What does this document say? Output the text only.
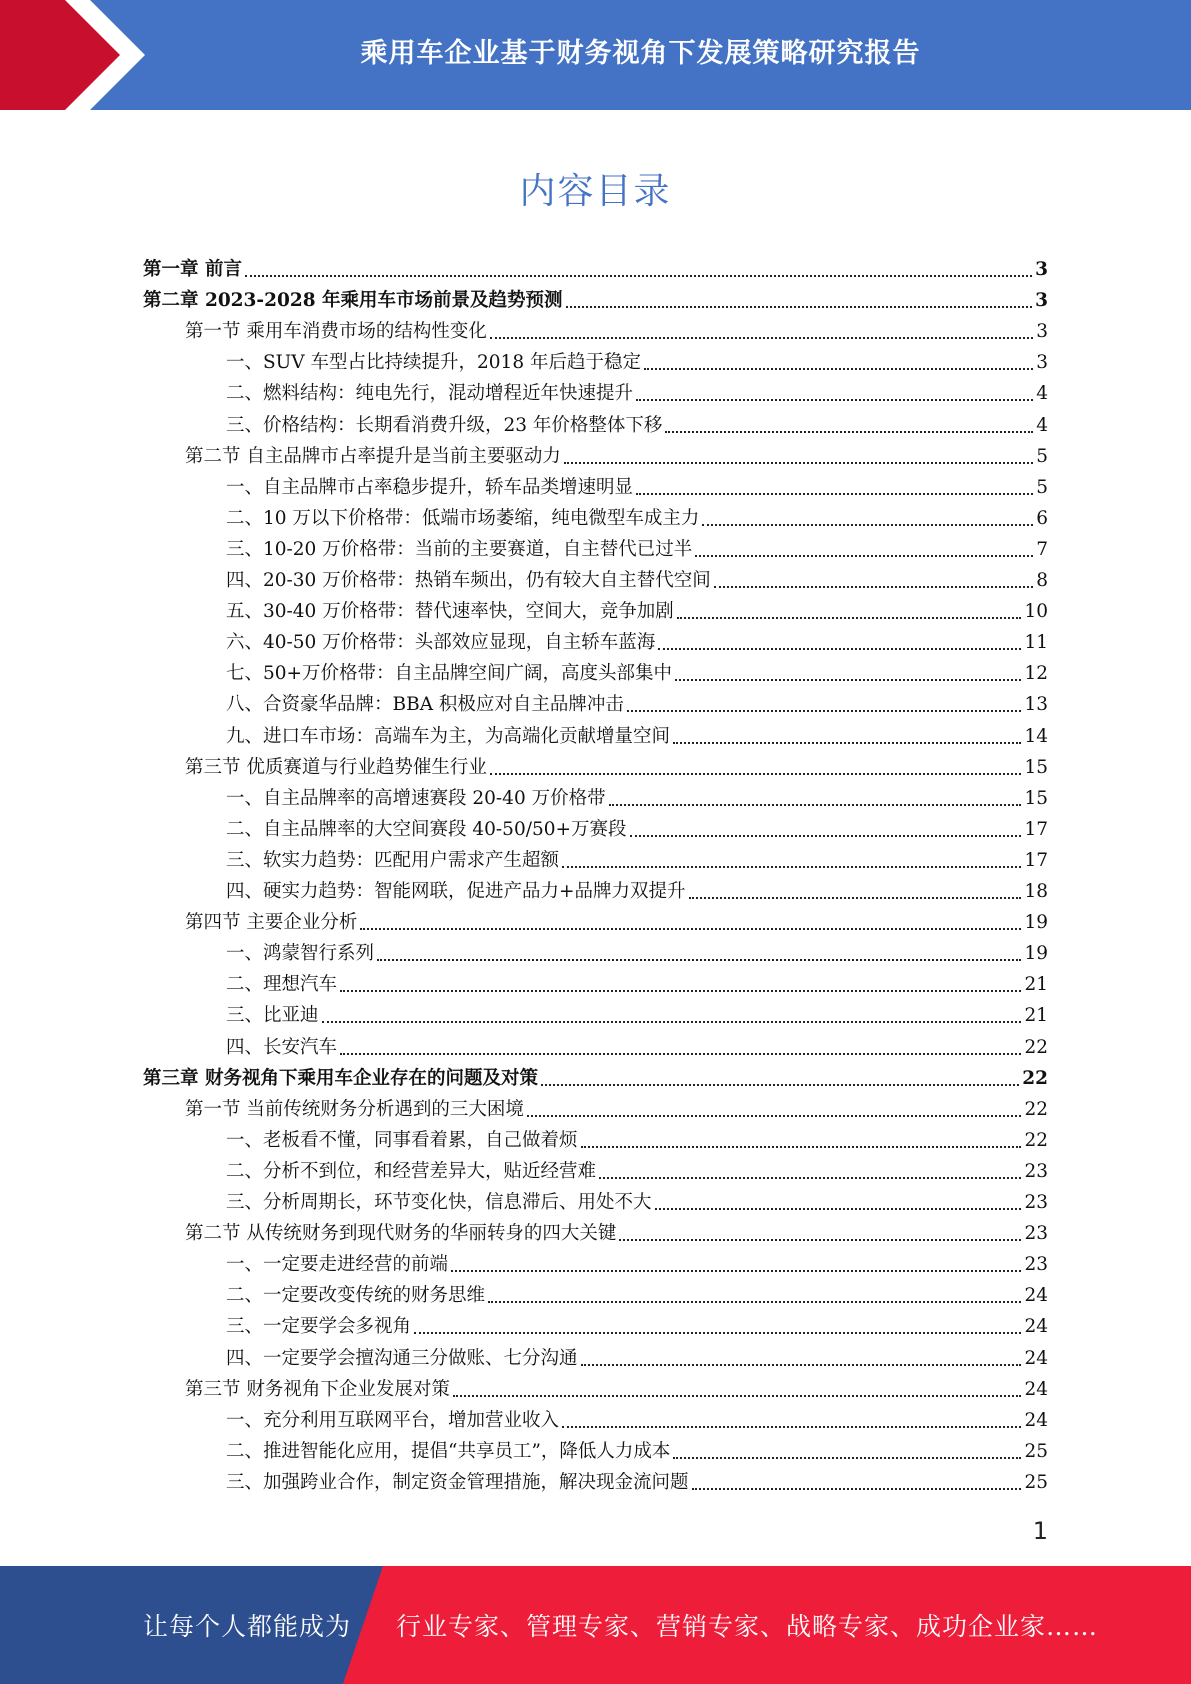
乘用车企业基于财务视角下发展策略研究报告
内容目录
第一章 前言	3
第二章 2023-2028 年乘用车市场前景及趋势预测	3
第一节 乘用车消费市场的结构性变化	3
一、SUV 车型占比持续提升，2018 年后趋于稳定	3
二、燃料结构：纯电先行，混动增程近年快速提升	4
三、价格结构：长期看消费升级，23 年价格整体下移	4
第二节 自主品牌市占率提升是当前主要驱动力	5
一、自主品牌市占率稳步提升，轿车品类增速明显	5
二、10 万以下价格带：低端市场萎缩，纯电微型车成主力	6
三、10-20 万价格带：当前的主要赛道，自主替代已过半	7
四、20-30 万价格带：热销车频出，仍有较大自主替代空间	8
五、30-40 万价格带：替代速率快，空间大，竞争加剧	10
六、40-50 万价格带：头部效应显现，自主轿车蓝海	11
七、50+万价格带：自主品牌空间广阔，高度头部集中	12
八、合资豪华品牌：BBA 积极应对自主品牌冲击	13
九、进口车市场：高端车为主，为高端化贡献增量空间	14
第三节 优质赛道与行业趋势催生行业	15
一、自主品牌率的高增速赛段 20-40 万价格带	15
二、自主品牌率的大空间赛段 40-50/50+万赛段	17
三、软实力趋势：匹配用户需求产生超额	17
四、硬实力趋势：智能网联，促进产品力+品牌力双提升	18
第四节 主要企业分析	19
一、鸿蒙智行系列	19
二、理想汽车	21
三、比亚迪	21
四、长安汽车	22
第三章 财务视角下乘用车企业存在的问题及对策	22
第一节 当前传统财务分析遇到的三大困境	22
一、老板看不懂，同事看着累，自己做着烦	22
二、分析不到位，和经营差异大，贴近经营难	23
三、分析周期长，环节变化快，信息滞后、用处不大	23
第二节 从传统财务到现代财务的华丽转身的四大关键	23
一、一定要走进经营的前端	23
二、一定要改变传统的财务思维	24
三、一定要学会多视角	24
四、一定要学会擅沟通三分做账、七分沟通	24
第三节 财务视角下企业发展对策	24
一、充分利用互联网平台，增加营业收入	24
二、推进智能化应用，提倡“共享员工”，降低人力成本	25
三、加强跨业合作，制定资金管理措施，解决现金流问题	25
1
让每个人都能成为 行业专家、管理专家、营销专家、战略专家、成功企业家……
